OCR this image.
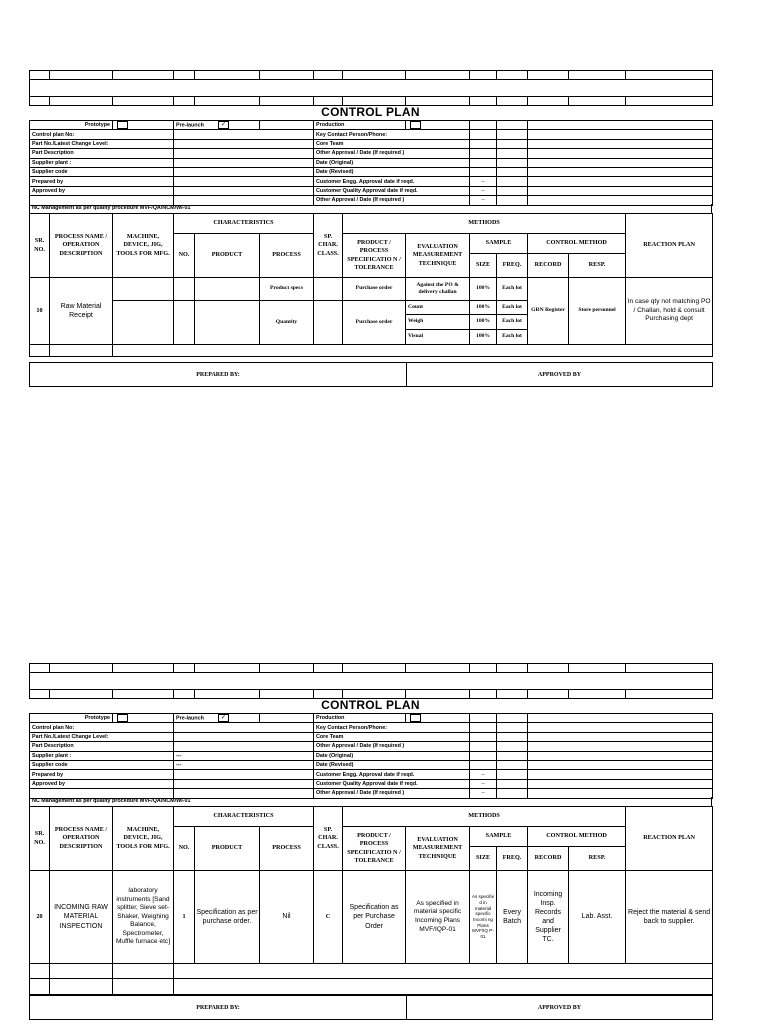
CONTROL PLAN
Prototype		Pre-launch ✓		Production				
Control plan No:				Key Contact Person/Phone:				
Part No./Latest Change Level:				Core Team				
Part Description				Other Approval / Date (If required )				
Supplier plant :				Date (Original)				
Supplier code				Date (Revised)				
Prepared by				Customer Engg. Approval date if reqd.		--		
Approved by				Customer Quality Approval date if reqd.		--		
				Other Approval / Date (If required )		--		
NC Management as per quality procedure MVF/QA/NCM/WI-01
SR. NO.	PROCESS NAME / OPERATION DESCRIPTION	MACHINE, DEVICE, JIG, TOOLS FOR MFG.	CHARACTERISTICS			SP. CHAR. CLASS.	METHODS						REACTION PLAN
			NO.	PRODUCT	PROCESS		PRODUCT / PROCESS SPECIFICATIO N / TOLERANCE	EVALUATION MEASUREMENT TECHNIQUE	SAMPLE		CONTROL METHOD		
									SIZE	FREQ.	RECORD	RESP.	
10	Raw Material Receipt				Product specs		Purchase order	Against the PO & delivery challan	100%	Each lot	GRN Register	Store personnel	In case qty not matching PO / Challan, hold & consult Purchasing dept
					Quantity		Purchase order	Count	100%	Each lot			
								Weigh	100%	Each lot			
								Visual	100%	Each lot			

PREPARED BY:	APPROVED BY

CONTROL PLAN
Prototype		Pre-launch ✓		Production				
Control plan No:				Key Contact Person/Phone:				
Part No./Latest Change Level:				Core Team				
Part Description				Other Approval / Date (If required )				
Supplier plant :		---		Date (Original)				
Supplier code		---		Date (Revised)				
Prepared by				Customer Engg. Approval date if reqd.		--		
Approved by				Customer Quality Approval date if reqd.		--		
				Other Approval / Date (If required )		--		
NC Management as per quality procedure MVF/QA/NCM/WI-01
SR. NO.	PROCESS NAME / OPERATION DESCRIPTION	MACHINE, DEVICE, JIG, TOOLS FOR MFG.	CHARACTERISTICS			SP. CHAR. CLASS.	METHODS						REACTION PLAN
			NO.	PRODUCT	PROCESS		PRODUCT / PROCESS SPECIFICATIO N / TOLERANCE	EVALUATION MEASUREMENT TECHNIQUE	SAMPLE		CONTROL METHOD		
									SIZE	FREQ.	RECORD	RESP.	
20	INCOMING RAW MATERIAL INSPECTION	laboratory instruments [Sand splitter, Sieve set-Shaker, Weighing Balance, Spectrometer, Muffle furnace etc]	1	Specification as per purchase order.	Nil	C	Specification as per Purchase Order	As specified in material specific Incoming Plans MVF/IQP-01	As specifie d in material specific Incomi ng Plans MVF/IQ P-01	Every Batch	Incoming Insp. Records and Supplier TC.	Lab. Asst.	Reject the material & send back to supplier.

PREPARED BY:	APPROVED BY
